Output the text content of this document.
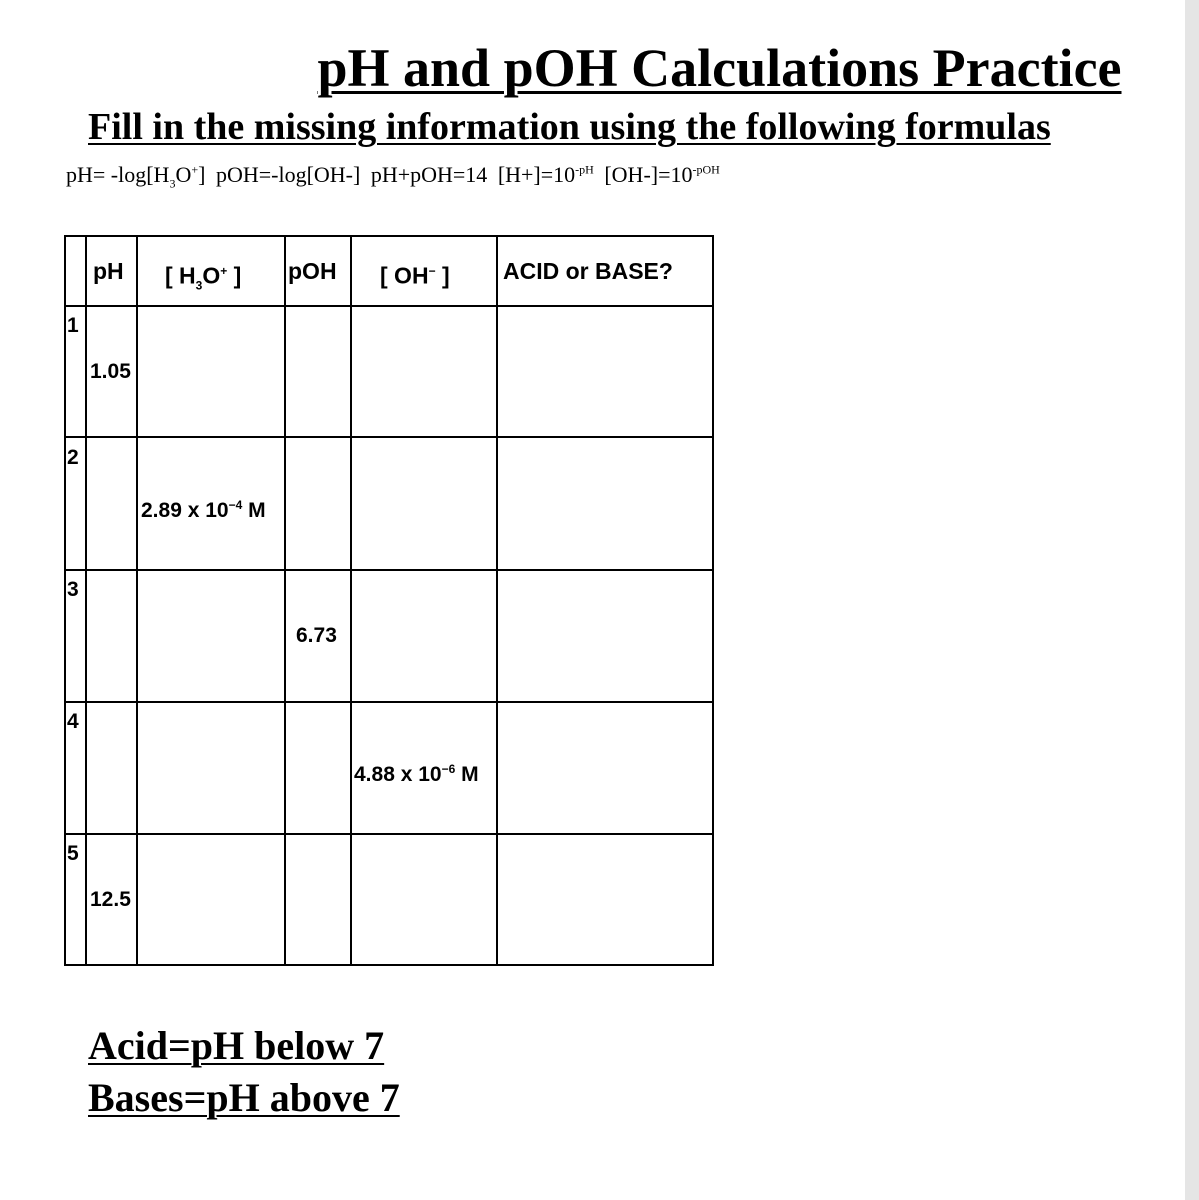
pH and pOH Calculations Practice
Fill in the missing information using the following formulas
$pH= -\log[H_3O^+]$ pOH=-log[OH-] pH+pOH=14 $[H+]=10^{-pH}$ $[OH-]=10^{-pOH}$
pH [ $H_3O^+$ ] pOH [ OH− ] ACID or BASE?
1
2
3
4
5
1.05
2.89 x $10^{-4}$ M
6.73
4.88 x $10^{-6}$ M
12.5
Acid=pH below 7
Bases=pH above 7
